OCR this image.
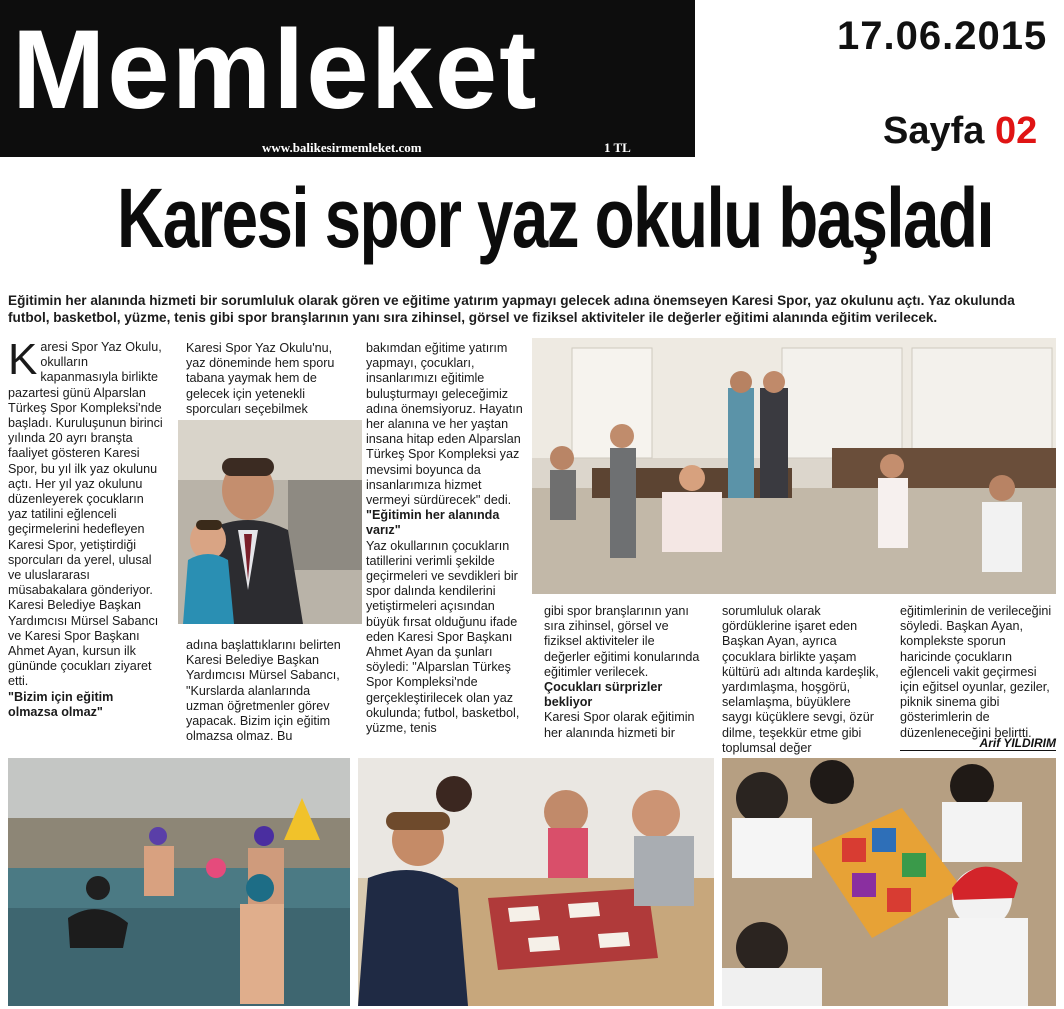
Memleket
www.balikesirmemleket.com	1 TL
17.06.2015
Sayfa 02
Karesi spor yaz okulu başladı
Eğitimin her alanında hizmeti bir sorumluluk olarak gören ve eğitime yatırım yapmayı gelecek adına önemseyen Karesi Spor, yaz okulunu açtı. Yaz okulunda futbol, basketbol, yüzme, tenis gibi spor branşlarının yanı sıra zihinsel, görsel ve fiziksel aktiviteler ile değerler eğitimi alanında eğitim verilecek.

Karesi Spor Yaz Okulu, okulların kapanmasıyla birlikte pazartesi günü Alparslan Türkeş Spor Kompleksi'nde başladı. Kuruluşunun birinci yılında 20 ayrı branşta faaliyet gösteren Karesi Spor, bu yıl ilk yaz okulunu açtı. Her yıl yaz okulunu düzenleyerek çocukların yaz tatilini eğlenceli geçirmelerini hedefleyen Karesi Spor, yetiştirdiği sporcuları da yerel, ulusal ve uluslararası müsabakalara gönderiyor. Karesi Belediye Başkan Yardımcısı Mürsel Sabancı ve Karesi Spor Başkanı Ahmet Ayan, kursun ilk gününde çocukları ziyaret etti.

"Bizim için eğitim olmazsa olmaz"

Karesi Spor Yaz Okulu'nu, yaz döneminde hem sporu tabana yaymak hem de gelecek için yetenekli sporcuları seçebilmek
adına başlattıklarını belirten Karesi Belediye Başkan Yardımcısı Mürsel Sabancı, "Kurslarda alanlarında uzman öğretmenler görev yapacak. Bizim için eğitim olmazsa olmaz. Bu

bakımdan eğitime yatırım yapmayı, çocukları, insanlarımızı eğitimle buluşturmayı geleceğimiz adına önemsiyoruz. Hayatın her alanına ve her yaştan insana hitap eden Alparslan Türkeş Spor Kompleksi yaz mevsimi boyunca da insanlarımıza hizmet vermeyi sürdürecek" dedi.

"Eğitimin her alanında varız"

Yaz okullarının çocukların tatillerini verimli şekilde geçirmeleri ve sevdikleri bir spor dalında kendilerini yetiştirmeleri açısından büyük fırsat olduğunu ifade eden Karesi Spor Başkanı Ahmet Ayan da şunları söyledi: "Alparslan Türkeş Spor Kompleksi'nde gerçekleştirilecek olan yaz okulunda; futbol, basketbol, yüzme, tenis

gibi spor branşlarının yanı sıra zihinsel, görsel ve fiziksel aktiviteler ile değerler eğitimi konularında eğitimler verilecek.

Çocukları sürprizler bekliyor

Karesi Spor olarak eğitimin her alanında hizmeti bir

sorumluluk olarak gördüklerine işaret eden Başkan Ayan, ayrıca çocuklara birlikte yaşam kültürü adı altında kardeşlik, yardımlaşma, hoşgörü, selamlaşma, büyüklere saygı küçüklere sevgi, özür dilme, teşekkür etme gibi toplumsal değer
eğitimlerinin de verileceğini söyledi. Başkan Ayan, komplekste sporun haricinde çocukların eğlenceli vakit geçirmesi için eğitsel oyunlar, geziler, piknik sinema gibi gösterimlerin de düzenleneceğini belirtti.
Arif YILDIRIM
